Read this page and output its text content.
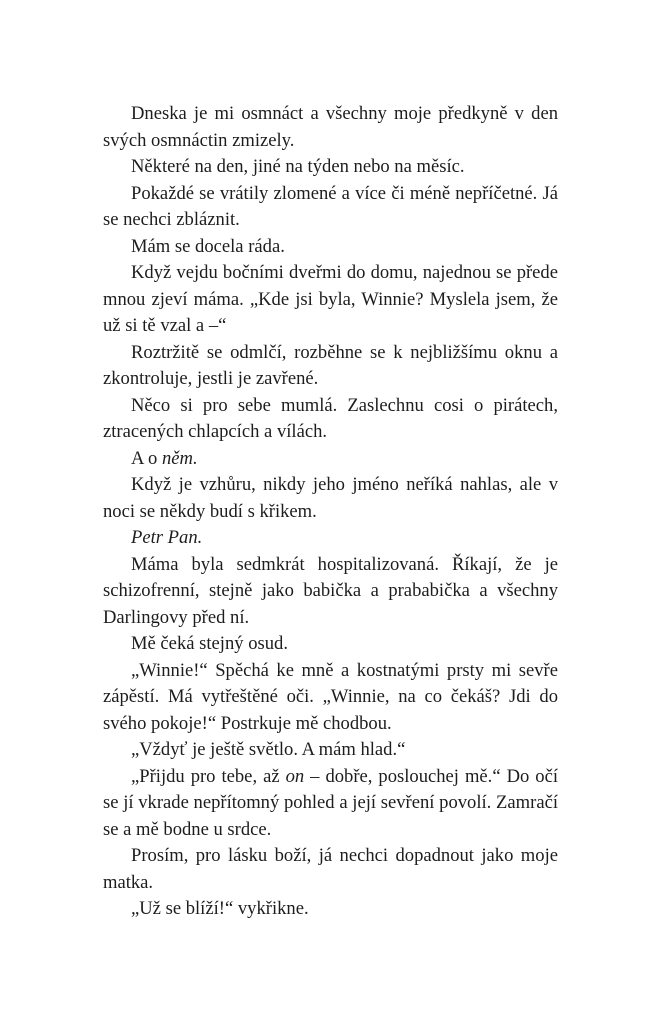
Dneska je mi osmnáct a všechny moje předkyně v den svých osmnáctin zmizely.

Některé na den, jiné na týden nebo na měsíc.

Pokaždé se vrátily zlomené a více či méně nepříčetné. Já se nechci zbláznit.

Mám se docela ráda.

Když vejdu bočními dveřmi do domu, najednou se přede mnou zjeví máma. „Kde jsi byla, Winnie? Myslela jsem, že už si tě vzal a –“

Roztržitě se odmlčí, rozběhne se k nejbližšímu oknu a zkontroluje, jestli je zavřené.

Něco si pro sebe mumlá. Zaslechnu cosi o pirátech, ztracených chlapcích a vílách.

A o něm.

Když je vzhůru, nikdy jeho jméno neříká nahlas, ale v noci se někdy budí s křikem.

Petr Pan.

Máma byla sedmkrát hospitalizovaná. Říkají, že je schizofrenní, stejně jako babička a prababička a všechny Darlingovy před ní.

Mě čeká stejný osud.

„Winnie!“ Spěchá ke mně a kostnatými prsty mi sevře zápěstí. Má vytřeštěné oči. „Winnie, na co čekáš? Jdi do svého pokoje!“ Postrkuje mě chodbou.

„Vždyť je ještě světlo. A mám hlad.“

„Přijdu pro tebe, až on – dobře, poslouchej mě.“ Do očí se jí vkrade nepřítomný pohled a její sevření povolí. Zamračí se a mě bodne u srdce.

Prosím, pro lásku boží, já nechci dopadnout jako moje matka.

„Už se blíží!“ vykřikne.
